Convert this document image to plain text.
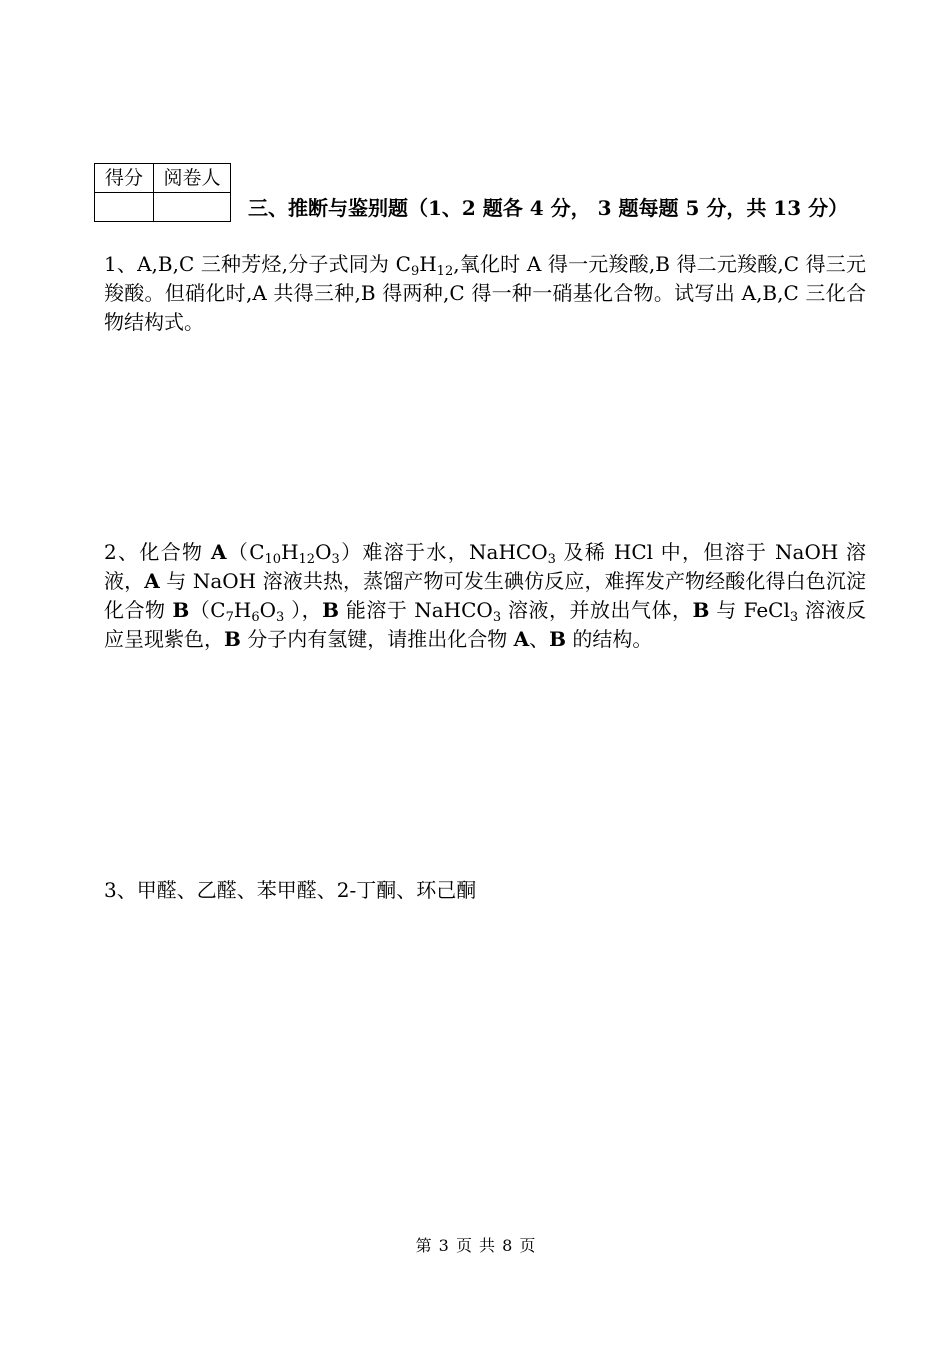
得分	阅卷人

三、推断与鉴别题（1、2 题各 4 分， 3 题每题 5 分，共 13 分）
1、A,B,C 三种芳烃,分子式同为 $C_9H_{12}$,氧化时 A 得一元羧酸,B 得二元羧酸,C 得三元羧酸。但硝化时,A 共得三种,B 得两种,C 得一种一硝基化合物。试写出 A,B,C 三化合物结构式。
2、化合物 $A(C_{10}H_{12}O_3)$难溶于水，NaHCO$_3$ 及稀 HCl 中，但溶于 NaOH 溶液，A 与 NaOH 溶液共热，蒸馏产物可发生碘仿反应，难挥发产物经酸化得白色沉淀化合物 $B(C_7H_6O_3$ ），B 能溶于 NaHCO$_3$ 溶液，并放出气体，B 与 FeCl$_3$ 溶液反应呈现紫色，B 分子内有氢键，请推出化合物 A、B 的结构。
3、甲醛、乙醛、苯甲醛、2-丁酮、环己酮
第 3 页 共 8 页
